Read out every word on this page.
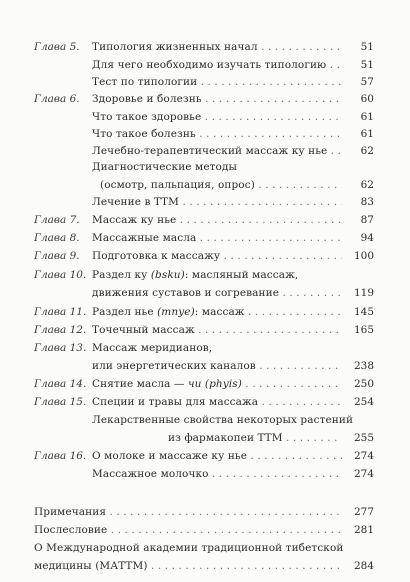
Глава 5. Типология жизненных начал . . .	51
Для чего необходимо изучать типологию . . .	51
Тест по типологии . . .	57
Глава 6. Здоровье и болезнь . . .	60
Что такое здоровье . . .	61
Что такое болезнь . . .	61
Лечебно-терапевтический массаж ку нье . . .	62
Диагностические методы
(осмотр, пальпация, опрос) . . .	62
Лечение в ТТМ . . .	83
Глава 7. Массаж ку нье . . .	87
Глава 8. Массажные масла . . .	94
Глава 9. Подготовка к массажу . . .	100
Глава 10. Раздел ку (bsku): масляный массаж,
движения суставов и согревание . . .	119
Глава 11. Раздел нье (mnye): массаж . . .	145
Глава 12. Точечный массаж . . .	165
Глава 13. Массаж меридианов,
или энергетических каналов . . .	238
Глава 14. Снятие масла — чи (phyis) . . .	250
Глава 15. Специи и травы для массажа . . .	254
Лекарственные свойства некоторых растений
из фармакопеи ТТМ . . .	255
Глава 16. О молоке и массаже ку нье . . .	274
Массажное молочко . . .	274
Примечания . . .	277
Послесловие . . .	281
О Международной академии традиционной тибетской
медицины (МАТТМ) . . .	284
